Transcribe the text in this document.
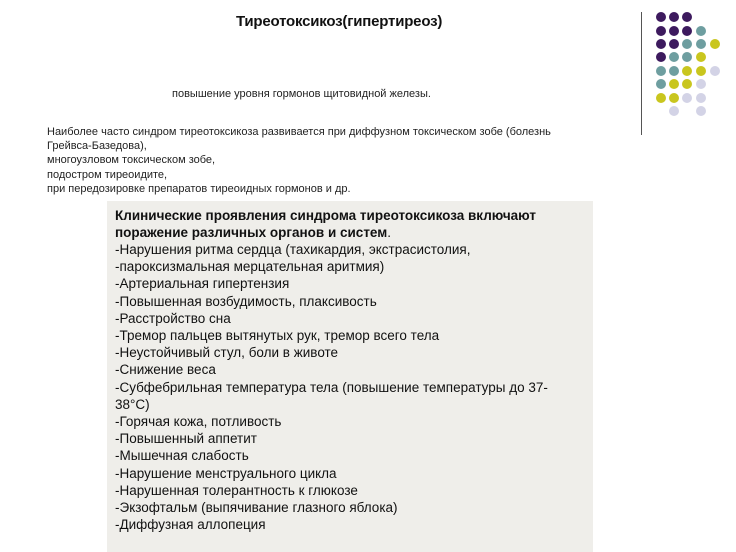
Тиреотоксикоз(гипертиреоз)
повышение уровня гормонов щитовидной железы.
Наиболее часто синдром тиреотоксикоза развивается при диффузном токсическом зобе (болезнь
Грейвса-Базедова),
многоузловом токсическом зобе,
подостром тиреоидите,
при передозировке препаратов тиреоидных гормонов и др.
Клинические проявления синдрома тиреотоксикоза включают
поражение различных органов и систем.
-Нарушения ритма сердца (тахикардия, экстрасистолия,
-пароксизмальная мерцательная аритмия)
-Артериальная гипертензия
-Повышенная возбудимость, плаксивость
-Расстройство сна
-Тремор пальцев вытянутых рук, тремор всего тела
-Неустойчивый стул, боли в животе
-Снижение веса
-Субфебрильная температура тела (повышение температуры до 37-
38°С)
-Горячая кожа, потливость
-Повышенный аппетит
-Мышечная слабость
-Нарушение менструального цикла
-Нарушенная толерантность к глюкозе
-Экзофтальм (выпячивание глазного яблока)
-Диффузная аллопеция
